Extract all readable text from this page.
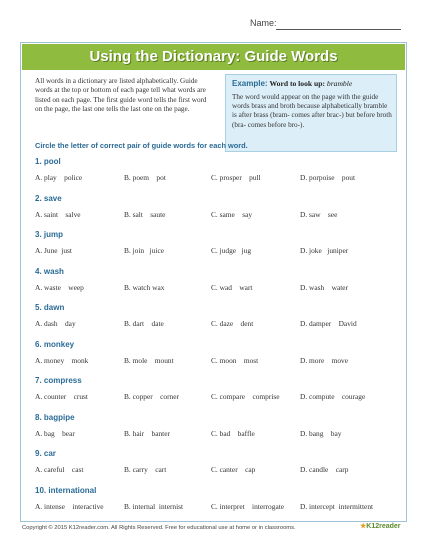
Name:
Using the Dictionary: Guide Words
All words in a dictionary are listed alphabetically. Guide words at the top or bottom of each page tell what words are listed on each page. The first guide word tells the first word on the page, the last one tells the last one on the page.
Example: Word to look up: bramble
The word would appear on the page with the guide words brass and broth because alphabetically bramble is after brass (bram- comes after brac-) but before broth (bra- comes before bro-).
Circle the letter of correct pair of guide words for each word.
1. pool
A. play    police	B. poem    pot	C. prosper    pull	D. porpoise    pout
2. save
A. saint    salve	B. salt    saute	C. same    say	D. saw    see
3. jump
A. June  just	B. join   juice	C. judge   jug	D. joke   juniper
4. wash
A. waste    weep	B. watch wax	C. wad    wart	D. wash    water
5. dawn
A. dash    day	B. dart    date	C. daze    dent	D. damper    David
6. monkey
A. money    monk	B. mole    mount	C. moon    most	D. more    move
7. compress
A. counter    crust	B. copper    corner	C. compare    comprise	D. compute    courage
8. bagpipe
A. bag    bear	B. hair    banter	C. bad    baffle	D. bang    bay
9. car
A. careful    cast	B. carry    cart	C. canter    cap	D. candle    carp
10. international
A. intense    interactive	B. internal  internist	C. interpret    interrogate D. intercept  intermittent
Copyright © 2015 K12reader.com. All Rights Reserved. Free for educational use at home or in classrooms.	★K12reader
